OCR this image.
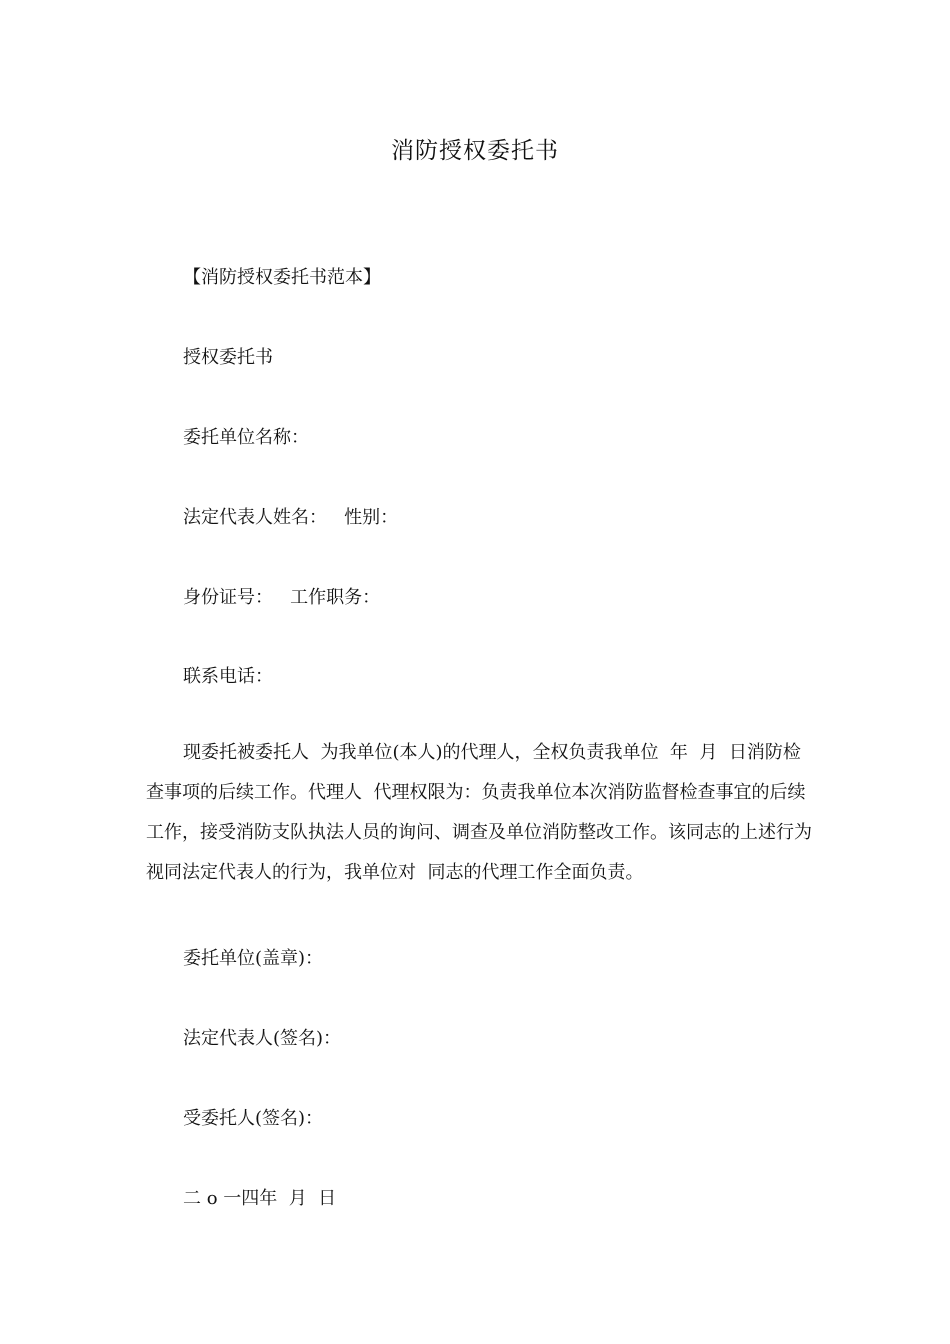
消防授权委托书
【消防授权委托书范本】
授权委托书
委托单位名称：
法定代表人姓名：   性别：
身份证号：   工作职务：
联系电话：
现委托被委托人  为我单位(本人)的代理人，全权负责我单位  年  月  日消防检查事项的后续工作。代理人  代理权限为：负责我单位本次消防监督检查事宜的后续工作，接受消防支队执法人员的询问、调查及单位消防整改工作。该同志的上述行为视同法定代表人的行为，我单位对  同志的代理工作全面负责。
委托单位(盖章)：
法定代表人(签名)：
受委托人(签名)：
二 o 一四年  月  日
